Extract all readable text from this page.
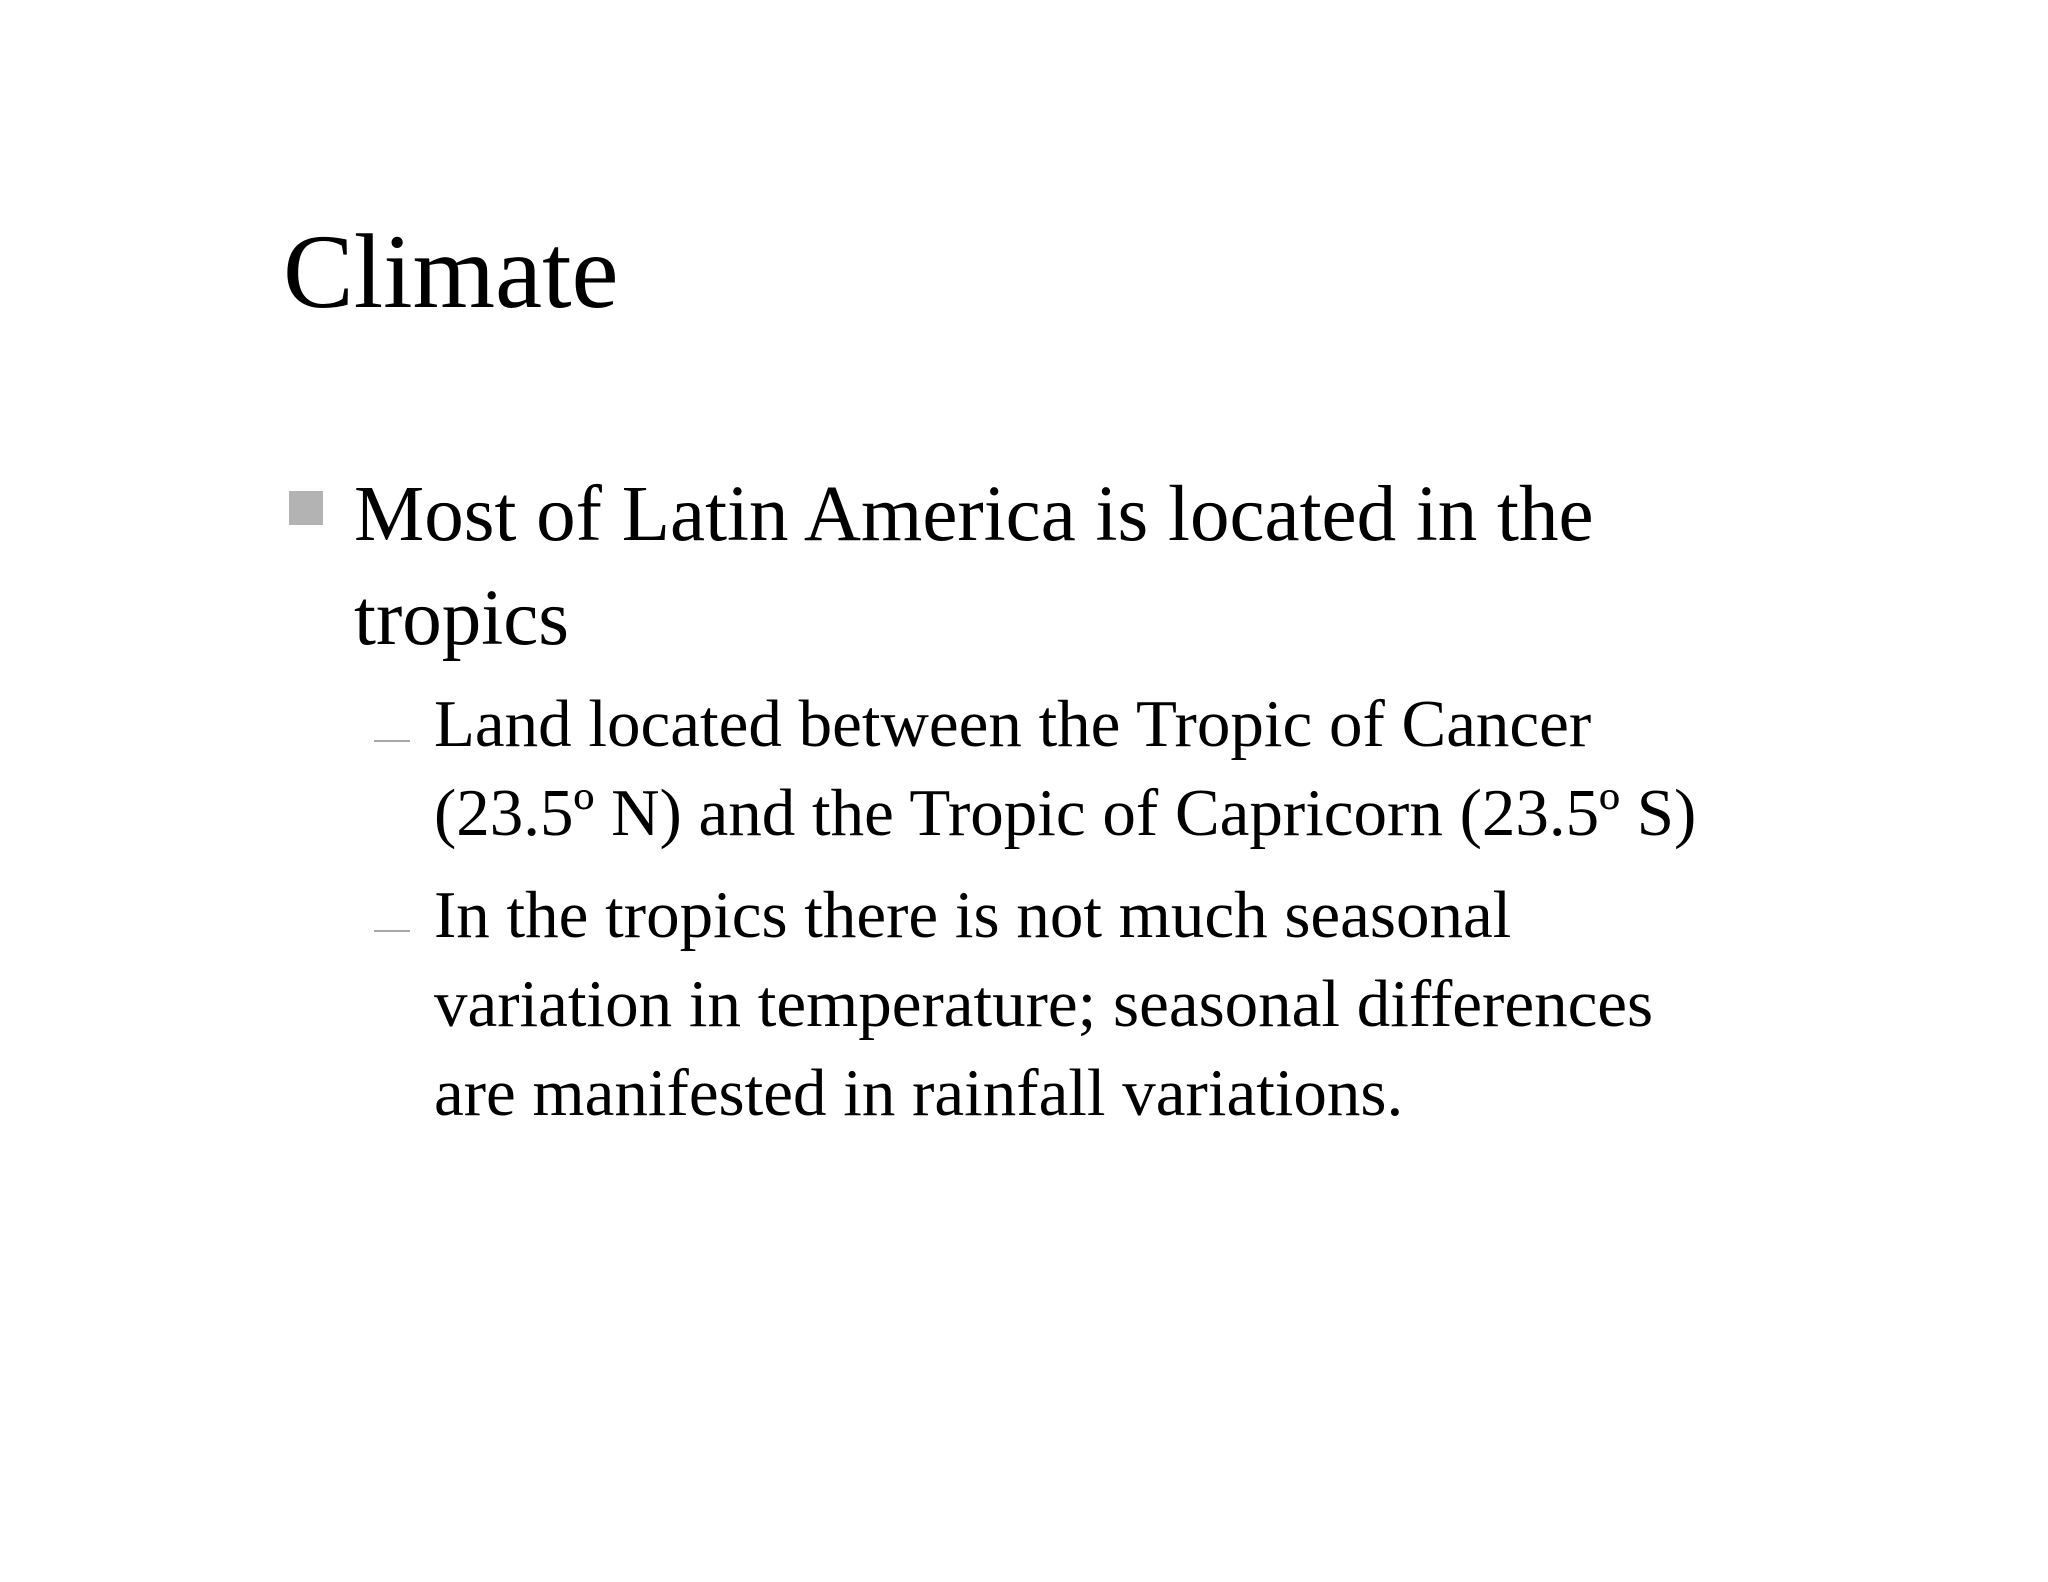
Climate

Most of Latin America is located in the tropics

Land located between the Tropic of Cancer
(23.5º N) and the Tropic of Capricorn (23.5º S)

In the tropics there is not much seasonal
variation in temperature; seasonal differences
are manifested in rainfall variations.
